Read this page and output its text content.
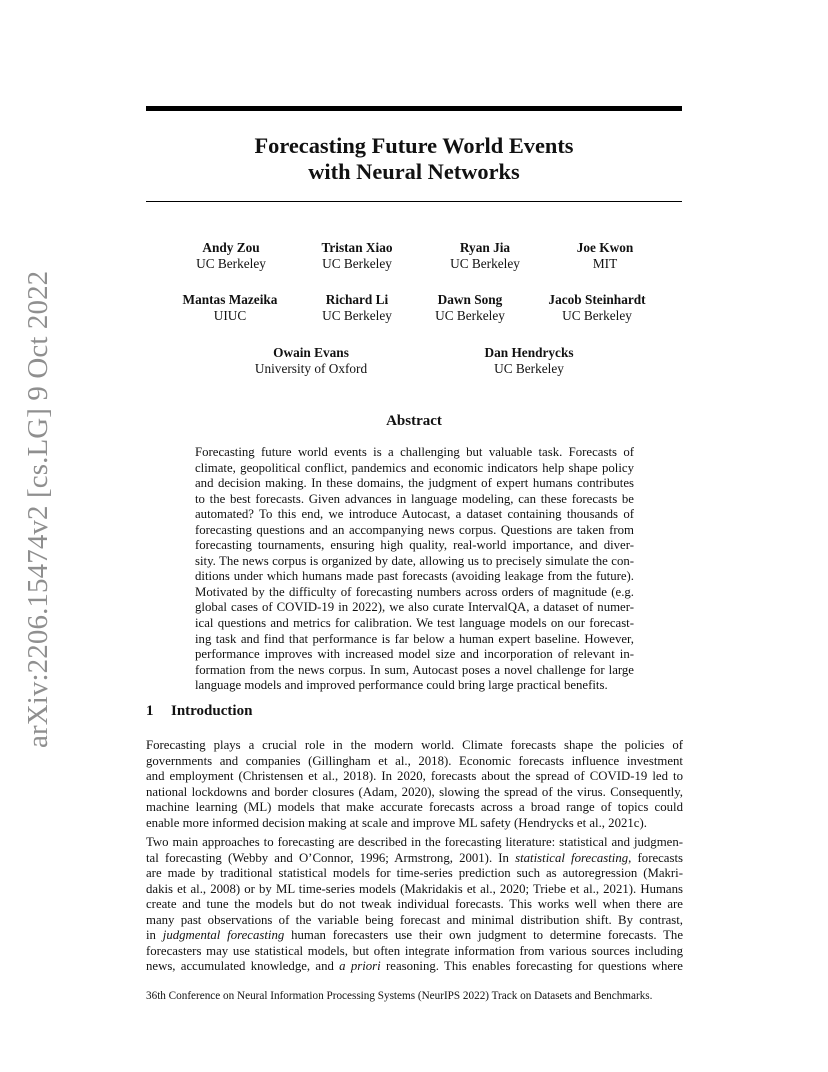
arXiv:2206.15474v2 [cs.LG] 9 Oct 2022
Forecasting Future World Events
with Neural Networks
Andy Zou
UC Berkeley
Tristan Xiao
UC Berkeley
Ryan Jia
UC Berkeley
Joe Kwon
MIT
Mantas Mazeika
UIUC
Richard Li
UC Berkeley
Dawn Song
UC Berkeley
Jacob Steinhardt
UC Berkeley
Owain Evans
University of Oxford
Dan Hendrycks
UC Berkeley
Abstract
Forecasting future world events is a challenging but valuable task. Forecasts of
climate, geopolitical conflict, pandemics and economic indicators help shape policy
and decision making. In these domains, the judgment of expert humans contributes
to the best forecasts. Given advances in language modeling, can these forecasts be
automated? To this end, we introduce Autocast, a dataset containing thousands of
forecasting questions and an accompanying news corpus. Questions are taken from
forecasting tournaments, ensuring high quality, real-world importance, and diver-
sity. The news corpus is organized by date, allowing us to precisely simulate the con-
ditions under which humans made past forecasts (avoiding leakage from the future).
Motivated by the difficulty of forecasting numbers across orders of magnitude (e.g.
global cases of COVID-19 in 2022), we also curate IntervalQA, a dataset of numer-
ical questions and metrics for calibration. We test language models on our forecast-
ing task and find that performance is far below a human expert baseline. However,
performance improves with increased model size and incorporation of relevant in-
formation from the news corpus. In sum, Autocast poses a novel challenge for large
language models and improved performance could bring large practical benefits.
1 Introduction
Forecasting plays a crucial role in the modern world. Climate forecasts shape the policies of
governments and companies (Gillingham et al., 2018). Economic forecasts influence investment
and employment (Christensen et al., 2018). In 2020, forecasts about the spread of COVID-19 led to
national lockdowns and border closures (Adam, 2020), slowing the spread of the virus. Consequently,
machine learning (ML) models that make accurate forecasts across a broad range of topics could
enable more informed decision making at scale and improve ML safety (Hendrycks et al., 2021c).
Two main approaches to forecasting are described in the forecasting literature: statistical and judgmen-
tal forecasting (Webby and O’Connor, 1996; Armstrong, 2001). In statistical forecasting, forecasts
are made by traditional statistical models for time-series prediction such as autoregression (Makri-
dakis et al., 2008) or by ML time-series models (Makridakis et al., 2020; Triebe et al., 2021). Humans
create and tune the models but do not tweak individual forecasts. This works well when there are
many past observations of the variable being forecast and minimal distribution shift. By contrast,
in judgmental forecasting human forecasters use their own judgment to determine forecasts. The
forecasters may use statistical models, but often integrate information from various sources including
news, accumulated knowledge, and a priori reasoning. This enables forecasting for questions where
36th Conference on Neural Information Processing Systems (NeurIPS 2022) Track on Datasets and Benchmarks.
